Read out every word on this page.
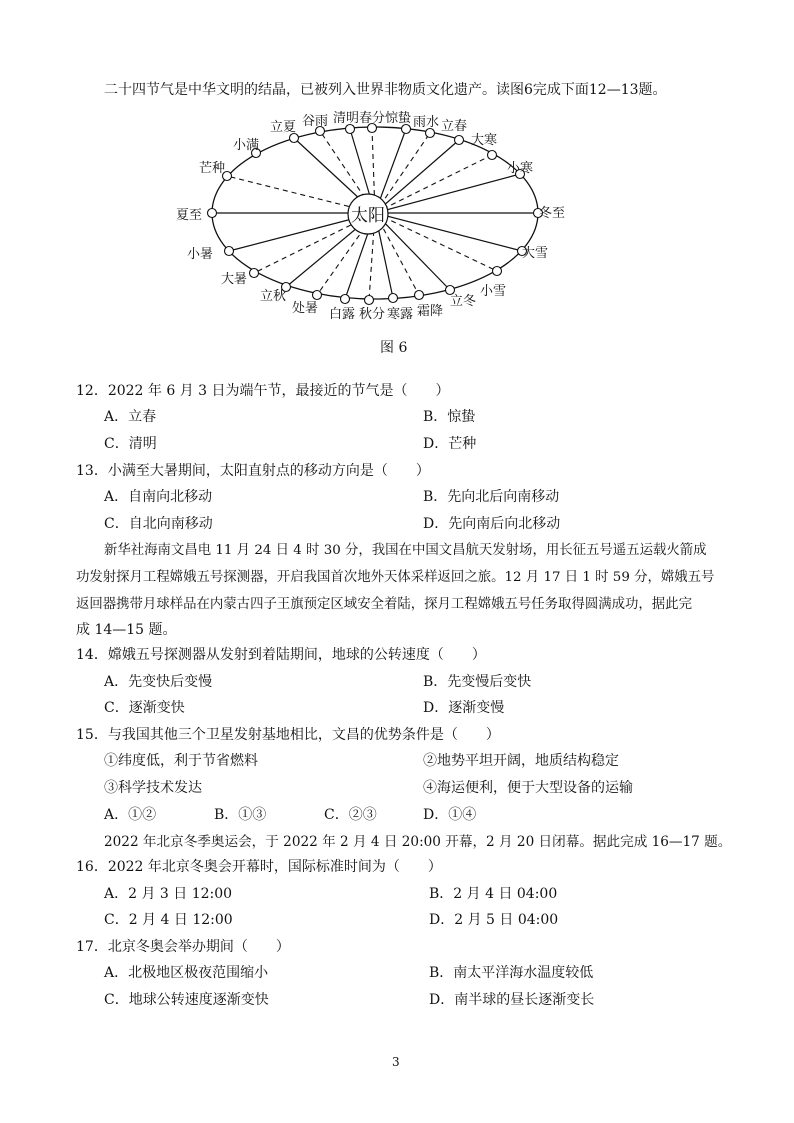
二十四节气是中华文明的结晶，已被列入世界非物质文化遗产。读图6完成下面12—13题。
太阳
夏至	冬至
芒种
小满
立夏 谷雨 清明 春分 惊蛰 雨水 立春
大寒
小寒
大雪
小雪
立冬
霜降
寒露
秋分
白露
处暑
立秋
大暑
小暑
图 6
12．2022 年 6 月 3 日为端午节，最接近的节气是（　　）
A．立春	B．惊蛰
C．清明	D．芒种
13．小满至大暑期间，太阳直射点的移动方向是（　　）
A．自南向北移动	B．先向北后向南移动
C．自北向南移动	D．先向南后向北移动
新华社海南文昌电 11 月 24 日 4 时 30 分，我国在中国文昌航天发射场，用长征五号遥五运载火箭成
功发射探月工程嫦娥五号探测器，开启我国首次地外天体采样返回之旅。12 月 17 日 1 时 59 分，嫦娥五号
返回器携带月球样品在内蒙古四子王旗预定区域安全着陆，探月工程嫦娥五号任务取得圆满成功，据此完
成 14—15 题。
14．嫦娥五号探测器从发射到着陆期间，地球的公转速度（　　）
A．先变快后变慢	B．先变慢后变快
C．逐渐变快	D．逐渐变慢
15．与我国其他三个卫星发射基地相比，文昌的优势条件是（　　）
①纬度低，利于节省燃料	②地势平坦开阔，地质结构稳定
③科学技术发达	④海运便利，便于大型设备的运输
A．①②	B．①③	C．②③	D．①④
2022 年北京冬季奥运会，于 2022 年 2 月 4 日 20:00 开幕，2 月 20 日闭幕。据此完成 16—17 题。
16．2022 年北京冬奥会开幕时，国际标准时间为（　　）
A．2 月 3 日 12:00	B．2 月 4 日 04:00
C．2 月 4 日 12:00	D．2 月 5 日 04:00
17．北京冬奥会举办期间（　　）
A．北极地区极夜范围缩小	B．南太平洋海水温度较低
C．地球公转速度逐渐变快	D．南半球的昼长逐渐变长
3
